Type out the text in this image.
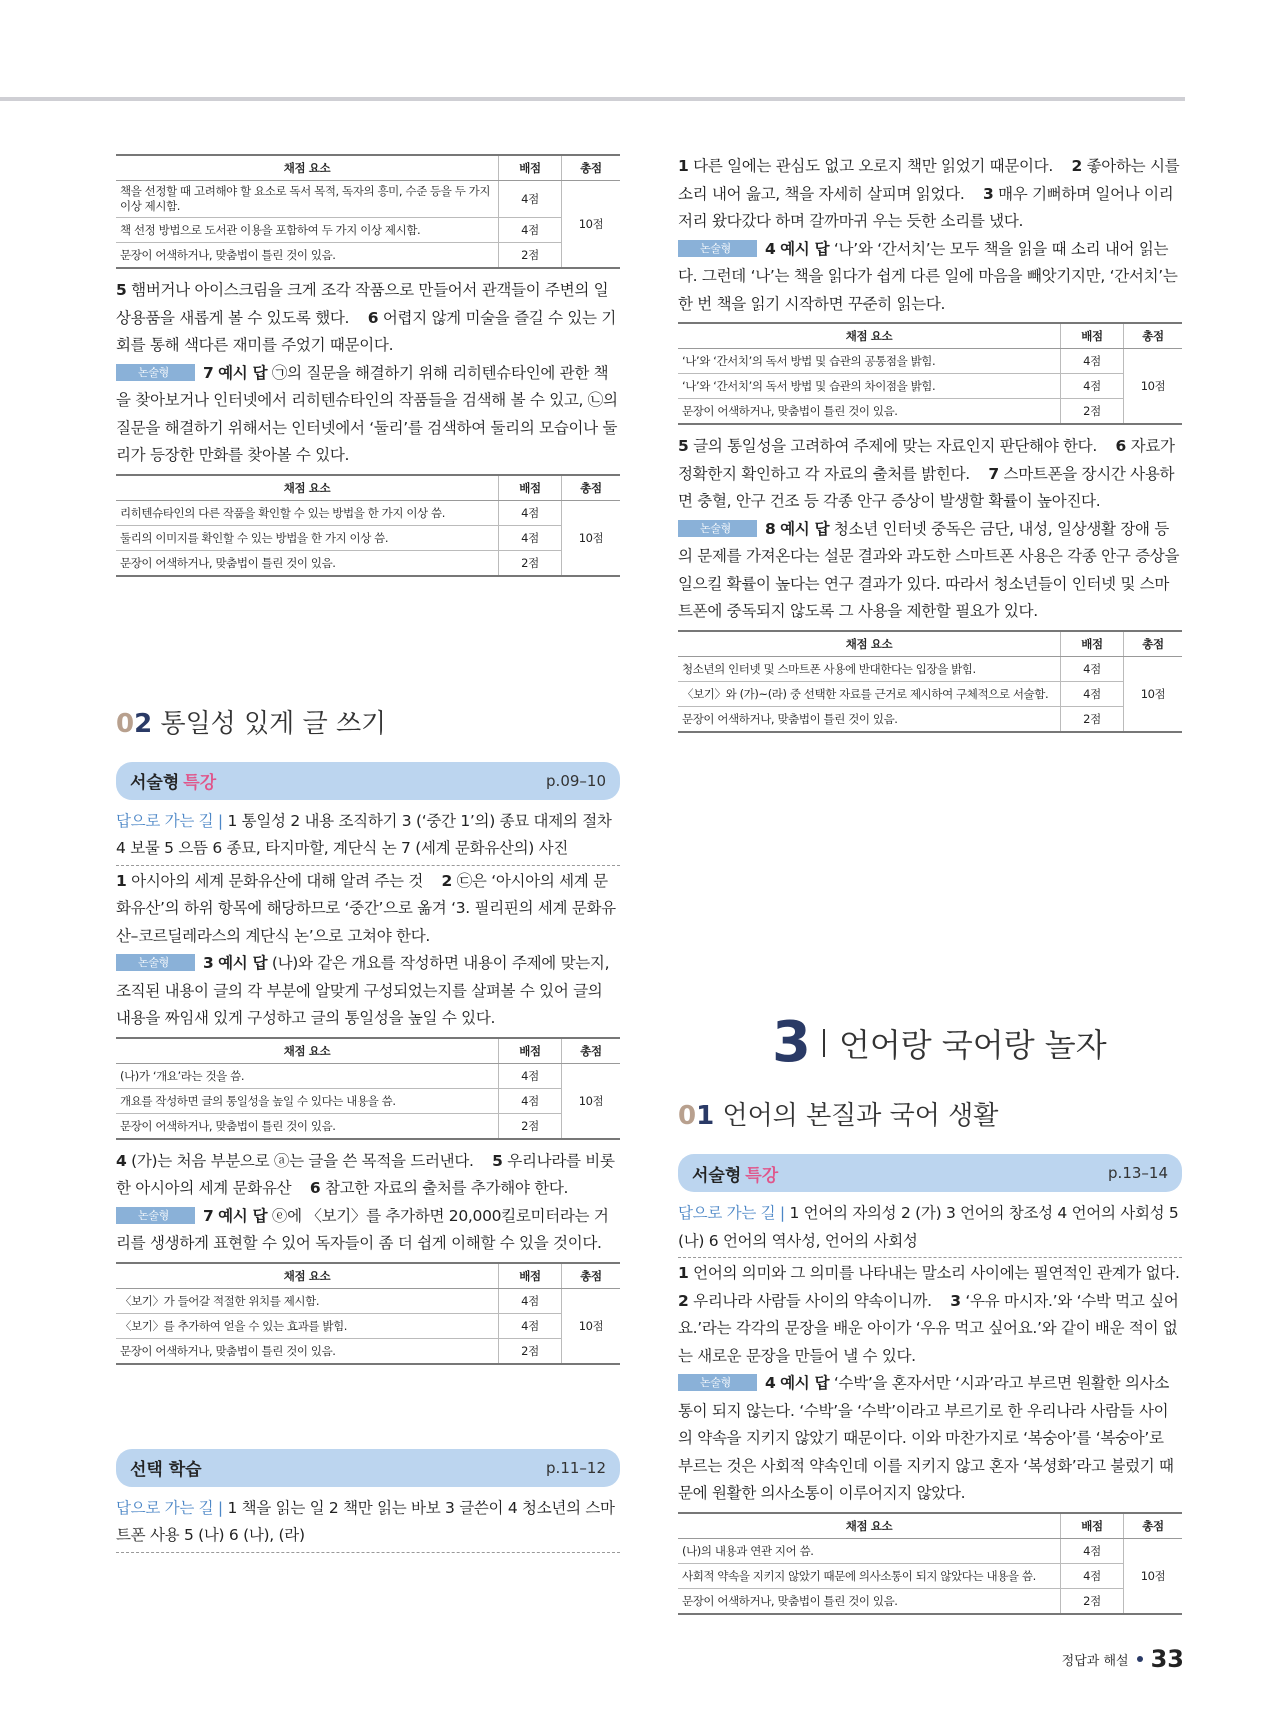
채점 요소	배점	총점
책을 선정할 때 고려해야 할 요소로 독서 목적, 독자의 흥미, 수준 등을 두 가지 이상 제시함.	4점	10점
책 선정 방법으로 도서관 이용을 포함하여 두 가지 이상 제시함.	4점	
문장이 어색하거나, 맞춤법이 틀린 것이 있음.	2점	

5 햄버거나 아이스크림을 크게 조각 작품으로 만들어서 관객들이 주변의 일상용품을 새롭게 볼 수 있도록 했다. 6 어렵지 않게 미술을 즐길 수 있는 기회를 통해 색다른 재미를 주었기 때문이다.

논술형 7 예시 답 ㉠의 질문을 해결하기 위해 리히텐슈타인에 관한 책을 찾아보거나 인터넷에서 리히텐슈타인의 작품들을 검색해 볼 수 있고, ㉡의 질문을 해결하기 위해서는 인터넷에서 ‘둘리’를 검색하여 둘리의 모습이나 둘리가 등장한 만화를 찾아볼 수 있다.

채점 요소	배점	총점
리히텐슈타인의 다른 작품을 확인할 수 있는 방법을 한 가지 이상 씀.	4점	10점
둘리의 이미지를 확인할 수 있는 방법을 한 가지 이상 씀.	4점	
문장이 어색하거나, 맞춤법이 틀린 것이 있음.	2점	

02 통일성 있게 글 쓰기

서술형 특강	p.09–10

답으로 가는 길 | 1 통일성 2 내용 조직하기 3 (‘중간 1’의) 종묘 대제의 절차 4 보물 5 으뜸 6 종묘, 타지마할, 계단식 논 7 (세계 문화유산의) 사진

1 아시아의 세계 문화유산에 대해 알려 주는 것 2 ㉢은 ‘아시아의 세계 문화유산’의 하위 항목에 해당하므로 ‘중간’으로 옮겨 ‘3. 필리핀의 세계 문화유산–코르딜레라스의 계단식 논’으로 고쳐야 한다.

논술형 3 예시 답 (나)와 같은 개요를 작성하면 내용이 주제에 맞는지, 조직된 내용이 글의 각 부분에 알맞게 구성되었는지를 살펴볼 수 있어 글의 내용을 짜임새 있게 구성하고 글의 통일성을 높일 수 있다.

채점 요소	배점	총점
(나)가 ‘개요’라는 것을 씀.	4점	10점
개요를 작성하면 글의 통일성을 높일 수 있다는 내용을 씀.	4점	
문장이 어색하거나, 맞춤법이 틀린 것이 있음.	2점	

4 (가)는 처음 부분으로 ⓐ는 글을 쓴 목적을 드러낸다. 5 우리나라를 비롯한 아시아의 세계 문화유산 6 참고한 자료의 출처를 추가해야 한다.

논술형 7 예시 답 ⓔ에 〈보기〉를 추가하면 20,000킬로미터라는 거리를 생생하게 표현할 수 있어 독자들이 좀 더 쉽게 이해할 수 있을 것이다.

채점 요소	배점	총점
〈보기〉가 들어갈 적절한 위치를 제시함.	4점	10점
〈보기〉를 추가하여 얻을 수 있는 효과를 밝힘.	4점	
문장이 어색하거나, 맞춤법이 틀린 것이 있음.	2점	
선택 학습	p.11–12

답으로 가는 길 | 1 책을 읽는 일 2 책만 읽는 바보 3 글쓴이 4 청소년의 스마트폰 사용 5 (나) 6 (나), (라)

1 다른 일에는 관심도 없고 오로지 책만 읽었기 때문이다. 2 좋아하는 시를 소리 내어 읊고, 책을 자세히 살피며 읽었다. 3 매우 기뻐하며 일어나 이리저리 왔다갔다 하며 갈까마귀 우는 듯한 소리를 냈다.

논술형 4 예시 답 ‘나’와 ‘간서치’는 모두 책을 읽을 때 소리 내어 읽는다. 그런데 ‘나’는 책을 읽다가 쉽게 다른 일에 마음을 빼앗기지만, ‘간서치’는 한 번 책을 읽기 시작하면 꾸준히 읽는다.

채점 요소	배점	총점
‘나’와 ‘간서치’의 독서 방법 및 습관의 공통점을 밝힘.	4점	10점
‘나’와 ‘간서치’의 독서 방법 및 습관의 차이점을 밝힘.	4점	
문장이 어색하거나, 맞춤법이 틀린 것이 있음.	2점	

5 글의 통일성을 고려하여 주제에 맞는 자료인지 판단해야 한다. 6 자료가 정확한지 확인하고 각 자료의 출처를 밝힌다. 7 스마트폰을 장시간 사용하면 충혈, 안구 건조 등 각종 안구 증상이 발생할 확률이 높아진다.

논술형 8 예시 답 청소년 인터넷 중독은 금단, 내성, 일상생활 장애 등의 문제를 가져온다는 설문 결과와 과도한 스마트폰 사용은 각종 안구 증상을 일으킬 확률이 높다는 연구 결과가 있다. 따라서 청소년들이 인터넷 및 스마트폰에 중독되지 않도록 그 사용을 제한할 필요가 있다.

채점 요소	배점	총점
청소년의 인터넷 및 스마트폰 사용에 반대한다는 입장을 밝힘.	4점	10점
〈보기〉와 (가)~(라) 중 선택한 자료를 근거로 제시하여 구체적으로 서술함.	4점	
문장이 어색하거나, 맞춤법이 틀린 것이 있음.	2점	
3 언어랑 국어랑 놀자

01 언어의 본질과 국어 생활

서술형 특강	p.13–14

답으로 가는 길 | 1 언어의 자의성 2 (가) 3 언어의 창조성 4 언어의 사회성 5 (나) 6 언어의 역사성, 언어의 사회성

1 언어의 의미와 그 의미를 나타내는 말소리 사이에는 필연적인 관계가 없다. 2 우리나라 사람들 사이의 약속이니까. 3 ‘우유 마시자.’와 ‘수박 먹고 싶어요.’라는 각각의 문장을 배운 아이가 ‘우유 먹고 싶어요.’와 같이 배운 적이 없는 새로운 문장을 만들어 낼 수 있다.

논술형 4 예시 답 ‘수박’을 혼자서만 ‘시과’라고 부르면 원활한 의사소통이 되지 않는다. ‘수박’을 ‘수박’이라고 부르기로 한 우리나라 사람들 사이의 약속을 지키지 않았기 때문이다. 이와 마찬가지로 ‘복숭아’를 ‘복숭아’로 부르는 것은 사회적 약속인데 이를 지키지 않고 혼자 ‘복셩화’라고 불렀기 때문에 원활한 의사소통이 이루어지지 않았다.

채점 요소	배점	총점
(나)의 내용과 연관 지어 씀.	4점	10점
사회적 약속을 지키지 않았기 때문에 의사소통이 되지 않았다는 내용을 씀.	4점	
문장이 어색하거나, 맞춤법이 틀린 것이 있음.	2점	
정답과 해설 33
